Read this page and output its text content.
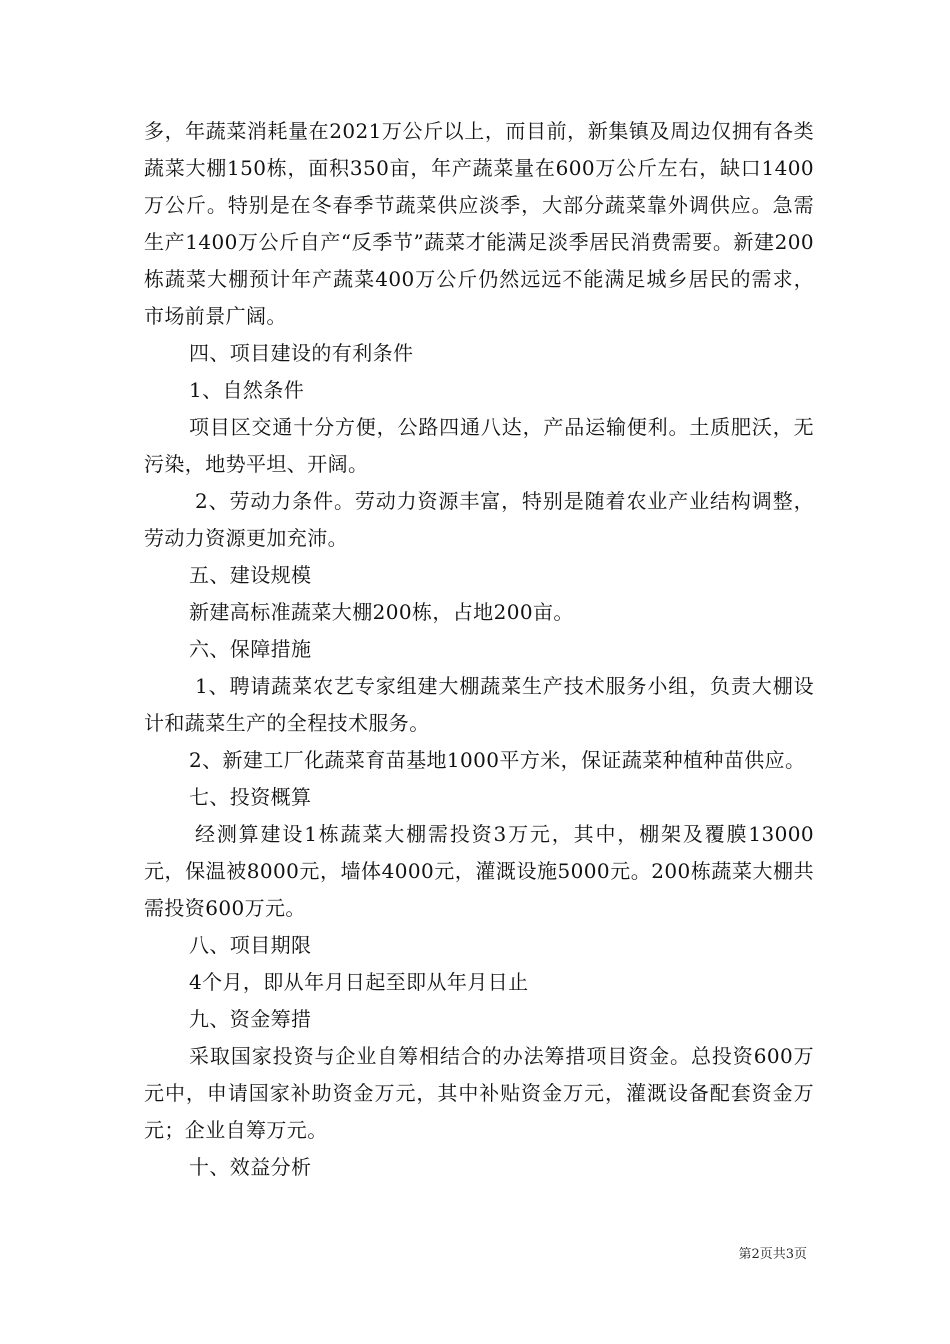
多，年蔬菜消耗量在2021万公斤以上，而目前，新集镇及周边仅拥有各类蔬菜大棚150栋，面积350亩，年产蔬菜量在600万公斤左右，缺口1400万公斤。特别是在冬春季节蔬菜供应淡季，大部分蔬菜靠外调供应。急需生产1400万公斤自产“反季节”蔬菜才能满足淡季居民消费需要。新建200栋蔬菜大棚预计年产蔬菜400万公斤仍然远远不能满足城乡居民的需求，市场前景广阔。

四、项目建设的有利条件

1、自然条件

项目区交通十分方便，公路四通八达，产品运输便利。土质肥沃，无污染，地势平坦、开阔。

2、劳动力条件。劳动力资源丰富，特别是随着农业产业结构调整，劳动力资源更加充沛。

五、建设规模

新建高标准蔬菜大棚200栋，占地200亩。

六、保障措施

1、聘请蔬菜农艺专家组建大棚蔬菜生产技术服务小组，负责大棚设计和蔬菜生产的全程技术服务。

2、新建工厂化蔬菜育苗基地1000平方米，保证蔬菜种植种苗供应。

七、投资概算

经测算建设1栋蔬菜大棚需投资3万元，其中，棚架及覆膜13000元，保温被8000元，墙体4000元，灌溉设施5000元。200栋蔬菜大棚共需投资600万元。

八、项目期限

4个月，即从年月日起至即从年月日止

九、资金筹措

采取国家投资与企业自筹相结合的办法筹措项目资金。总投资600万元中，申请国家补助资金万元，其中补贴资金万元，灌溉设备配套资金万元；企业自筹万元。

十、效益分析

第2页共3页
